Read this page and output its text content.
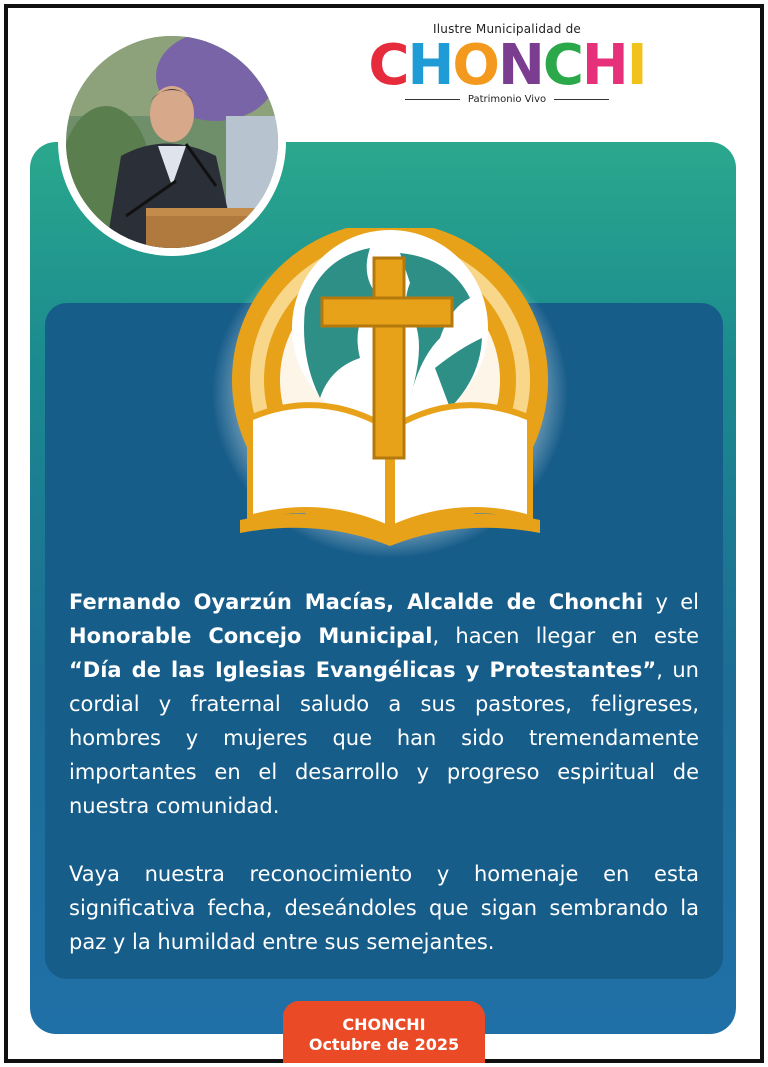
Ilustre Municipalidad de
CHONCHI
Patrimonio Vivo

Fernando Oyarzún Macías, Alcalde de Chonchi y el Honorable Concejo Municipal, hacen llegar en este “Día de las Iglesias Evangélicas y Protestantes”, un cordial y fraternal saludo a sus pastores, feligreses, hombres y mujeres que han sido tremendamente importantes en el desarrollo y progreso espiritual de nuestra comunidad.

Vaya nuestra reconocimiento y homenaje en esta significativa fecha, deseándoles que sigan sembrando la paz y la humildad entre sus semejantes.

CHONCHI
Octubre de 2025
